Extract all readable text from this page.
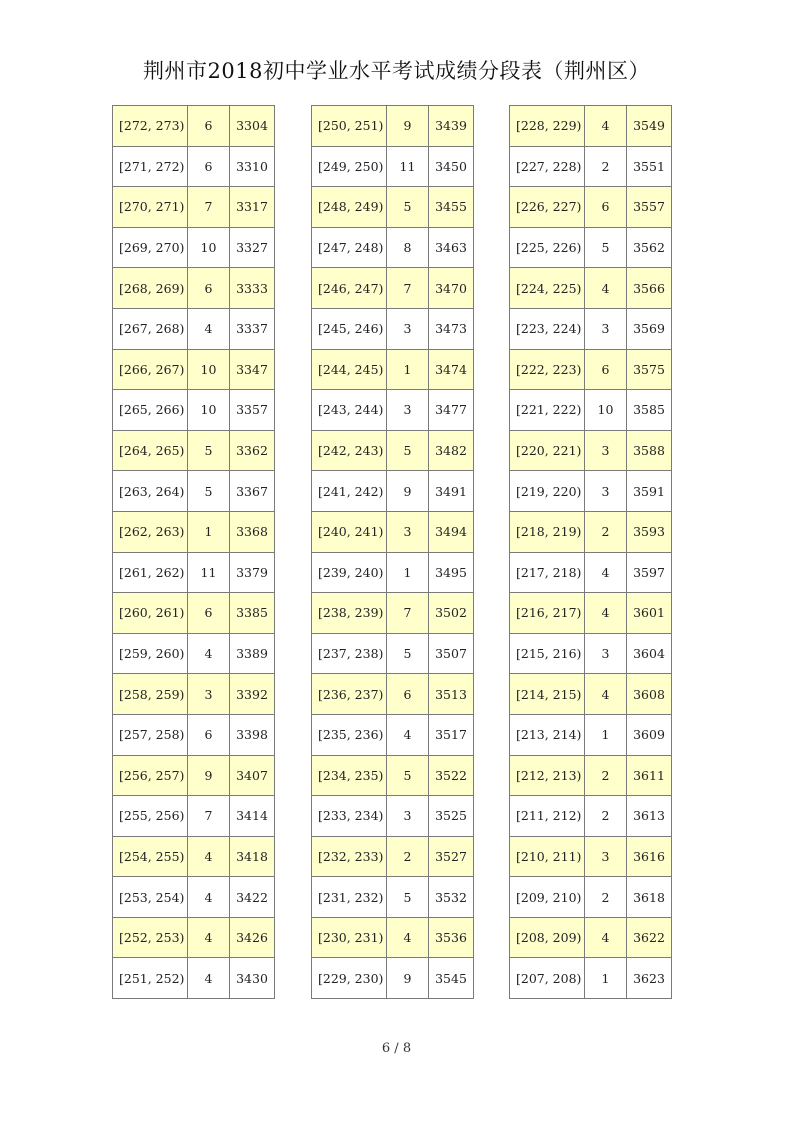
荆州市2018初中学业水平考试成绩分段表（荆州区）
[272, 273)	6	3304
[271, 272)	6	3310
[270, 271)	7	3317
[269, 270)	10	3327
[268, 269)	6	3333
[267, 268)	4	3337
[266, 267)	10	3347
[265, 266)	10	3357
[264, 265)	5	3362
[263, 264)	5	3367
[262, 263)	1	3368
[261, 262)	11	3379
[260, 261)	6	3385
[259, 260)	4	3389
[258, 259)	3	3392
[257, 258)	6	3398
[256, 257)	9	3407
[255, 256)	7	3414
[254, 255)	4	3418
[253, 254)	4	3422
[252, 253)	4	3426
[251, 252)	4	3430
[250, 251)	9	3439
[249, 250)	11	3450
[248, 249)	5	3455
[247, 248)	8	3463
[246, 247)	7	3470
[245, 246)	3	3473
[244, 245)	1	3474
[243, 244)	3	3477
[242, 243)	5	3482
[241, 242)	9	3491
[240, 241)	3	3494
[239, 240)	1	3495
[238, 239)	7	3502
[237, 238)	5	3507
[236, 237)	6	3513
[235, 236)	4	3517
[234, 235)	5	3522
[233, 234)	3	3525
[232, 233)	2	3527
[231, 232)	5	3532
[230, 231)	4	3536
[229, 230)	9	3545
[228, 229)	4	3549
[227, 228)	2	3551
[226, 227)	6	3557
[225, 226)	5	3562
[224, 225)	4	3566
[223, 224)	3	3569
[222, 223)	6	3575
[221, 222)	10	3585
[220, 221)	3	3588
[219, 220)	3	3591
[218, 219)	2	3593
[217, 218)	4	3597
[216, 217)	4	3601
[215, 216)	3	3604
[214, 215)	4	3608
[213, 214)	1	3609
[212, 213)	2	3611
[211, 212)	2	3613
[210, 211)	3	3616
[209, 210)	2	3618
[208, 209)	4	3622
[207, 208)	1	3623
6 / 8
